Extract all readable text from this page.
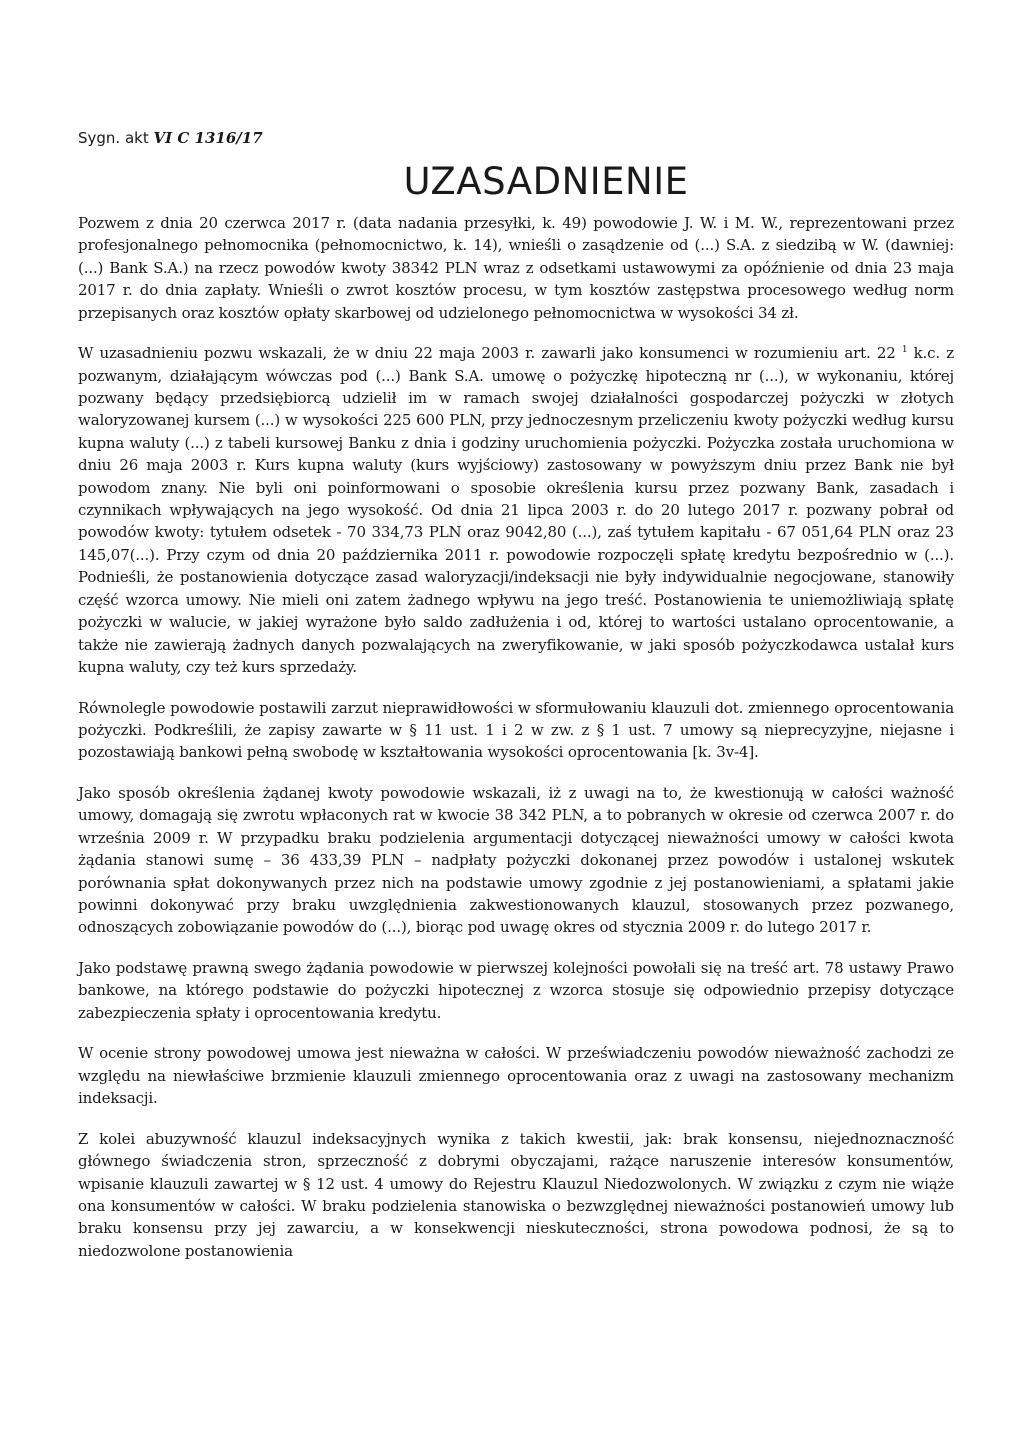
Sygn. akt VI C 1316/17
UZASADNIENIE

Pozwem z dnia 20 czerwca 2017 r. (data nadania przesyłki, k. 49) powodowie J. W. i M. W., reprezentowani przez profesjonalnego pełnomocnika (pełnomocnictwo, k. 14), wnieśli o zasądzenie od (...) S.A. z siedzibą w W. (dawniej: (...) Bank S.A.) na rzecz powodów kwoty 38342 PLN wraz z odsetkami ustawowymi za opóźnienie od dnia 23 maja 2017 r. do dnia zapłaty. Wnieśli o zwrot kosztów procesu, w tym kosztów zastępstwa procesowego według norm przepisanych oraz kosztów opłaty skarbowej od udzielonego pełnomocnictwa w wysokości 34 zł.

W uzasadnieniu pozwu wskazali, że w dniu 22 maja 2003 r. zawarli jako konsumenci w rozumieniu art. 22 $^1$ k.c. z pozwanym, działającym wówczas pod (...) Bank S.A. umowę o pożyczkę hipoteczną nr (...), w wykonaniu, której pozwany będący przedsiębiorcą udzielił im w ramach swojej działalności gospodarczej pożyczki w złotych waloryzowanej kursem (...) w wysokości 225 600 PLN, przy jednoczesnym przeliczeniu kwoty pożyczki według kursu kupna waluty (...) z tabeli kursowej Banku z dnia i godziny uruchomienia pożyczki. Pożyczka została uruchomiona w dniu 26 maja 2003 r. Kurs kupna waluty (kurs wyjściowy) zastosowany w powyższym dniu przez Bank nie był powodom znany. Nie byli oni poinformowani o sposobie określenia kursu przez pozwany Bank, zasadach i czynnikach wpływających na jego wysokość. Od dnia 21 lipca 2003 r. do 20 lutego 2017 r. pozwany pobrał od powodów kwoty: tytułem odsetek - 70 334,73 PLN oraz 9042,80 (...), zaś tytułem kapitału - 67 051,64 PLN oraz 23 145,07(...). Przy czym od dnia 20 października 2011 r. powodowie rozpoczęli spłatę kredytu bezpośrednio w (...). Podnieśli, że postanowienia dotyczące zasad waloryzacji/indeksacji nie były indywidualnie negocjowane, stanowiły część wzorca umowy. Nie mieli oni zatem żadnego wpływu na jego treść. Postanowienia te uniemożliwiają spłatę pożyczki w walucie, w jakiej wyrażone było saldo zadłużenia i od, której to wartości ustalano oprocentowanie, a także nie zawierają żadnych danych pozwalających na zweryfikowanie, w jaki sposób pożyczkodawca ustalał kurs kupna waluty, czy też kurs sprzedaży.

Równolegle powodowie postawili zarzut nieprawidłowości w sformułowaniu klauzuli dot. zmiennego oprocentowania pożyczki. Podkreślili, że zapisy zawarte w § 11 ust. 1 i 2 w zw. z § 1 ust. 7 umowy są nieprecyzyjne, niejasne i pozostawiają bankowi pełną swobodę w kształtowania wysokości oprocentowania [k. 3v-4].

Jako sposób określenia żądanej kwoty powodowie wskazali, iż z uwagi na to, że kwestionują w całości ważność umowy, domagają się zwrotu wpłaconych rat w kwocie 38 342 PLN, a to pobranych w okresie od czerwca 2007 r. do września 2009 r. W przypadku braku podzielenia argumentacji dotyczącej nieważności umowy w całości kwota żądania stanowi sumę – 36 433,39 PLN – nadpłaty pożyczki dokonanej przez powodów i ustalonej wskutek porównania spłat dokonywanych przez nich na podstawie umowy zgodnie z jej postanowieniami, a spłatami jakie powinni dokonywać przy braku uwzględnienia zakwestionowanych klauzul, stosowanych przez pozwanego, odnoszących zobowiązanie powodów do (...), biorąc pod uwagę okres od stycznia 2009 r. do lutego 2017 r.

Jako podstawę prawną swego żądania powodowie w pierwszej kolejności powołali się na treść art. 78 ustawy Prawo bankowe, na którego podstawie do pożyczki hipotecznej z wzorca stosuje się odpowiednio przepisy dotyczące zabezpieczenia spłaty i oprocentowania kredytu.

W ocenie strony powodowej umowa jest nieważna w całości. W przeświadczeniu powodów nieważność zachodzi ze względu na niewłaściwe brzmienie klauzuli zmiennego oprocentowania oraz z uwagi na zastosowany mechanizm indeksacji.

Z kolei abuzywność klauzul indeksacyjnych wynika z takich kwestii, jak: brak konsensu, niejednoznaczność głównego świadczenia stron, sprzeczność z dobrymi obyczajami, rażące naruszenie interesów konsumentów, wpisanie klauzuli zawartej w § 12 ust. 4 umowy do Rejestru Klauzul Niedozwolonych. W związku z czym nie wiąże ona konsumentów w całości. W braku podzielenia stanowiska o bezwzględnej nieważności postanowień umowy lub braku konsensu przy jej zawarciu, a w konsekwencji nieskuteczności, strona powodowa podnosi, że są to niedozwolone postanowienia
